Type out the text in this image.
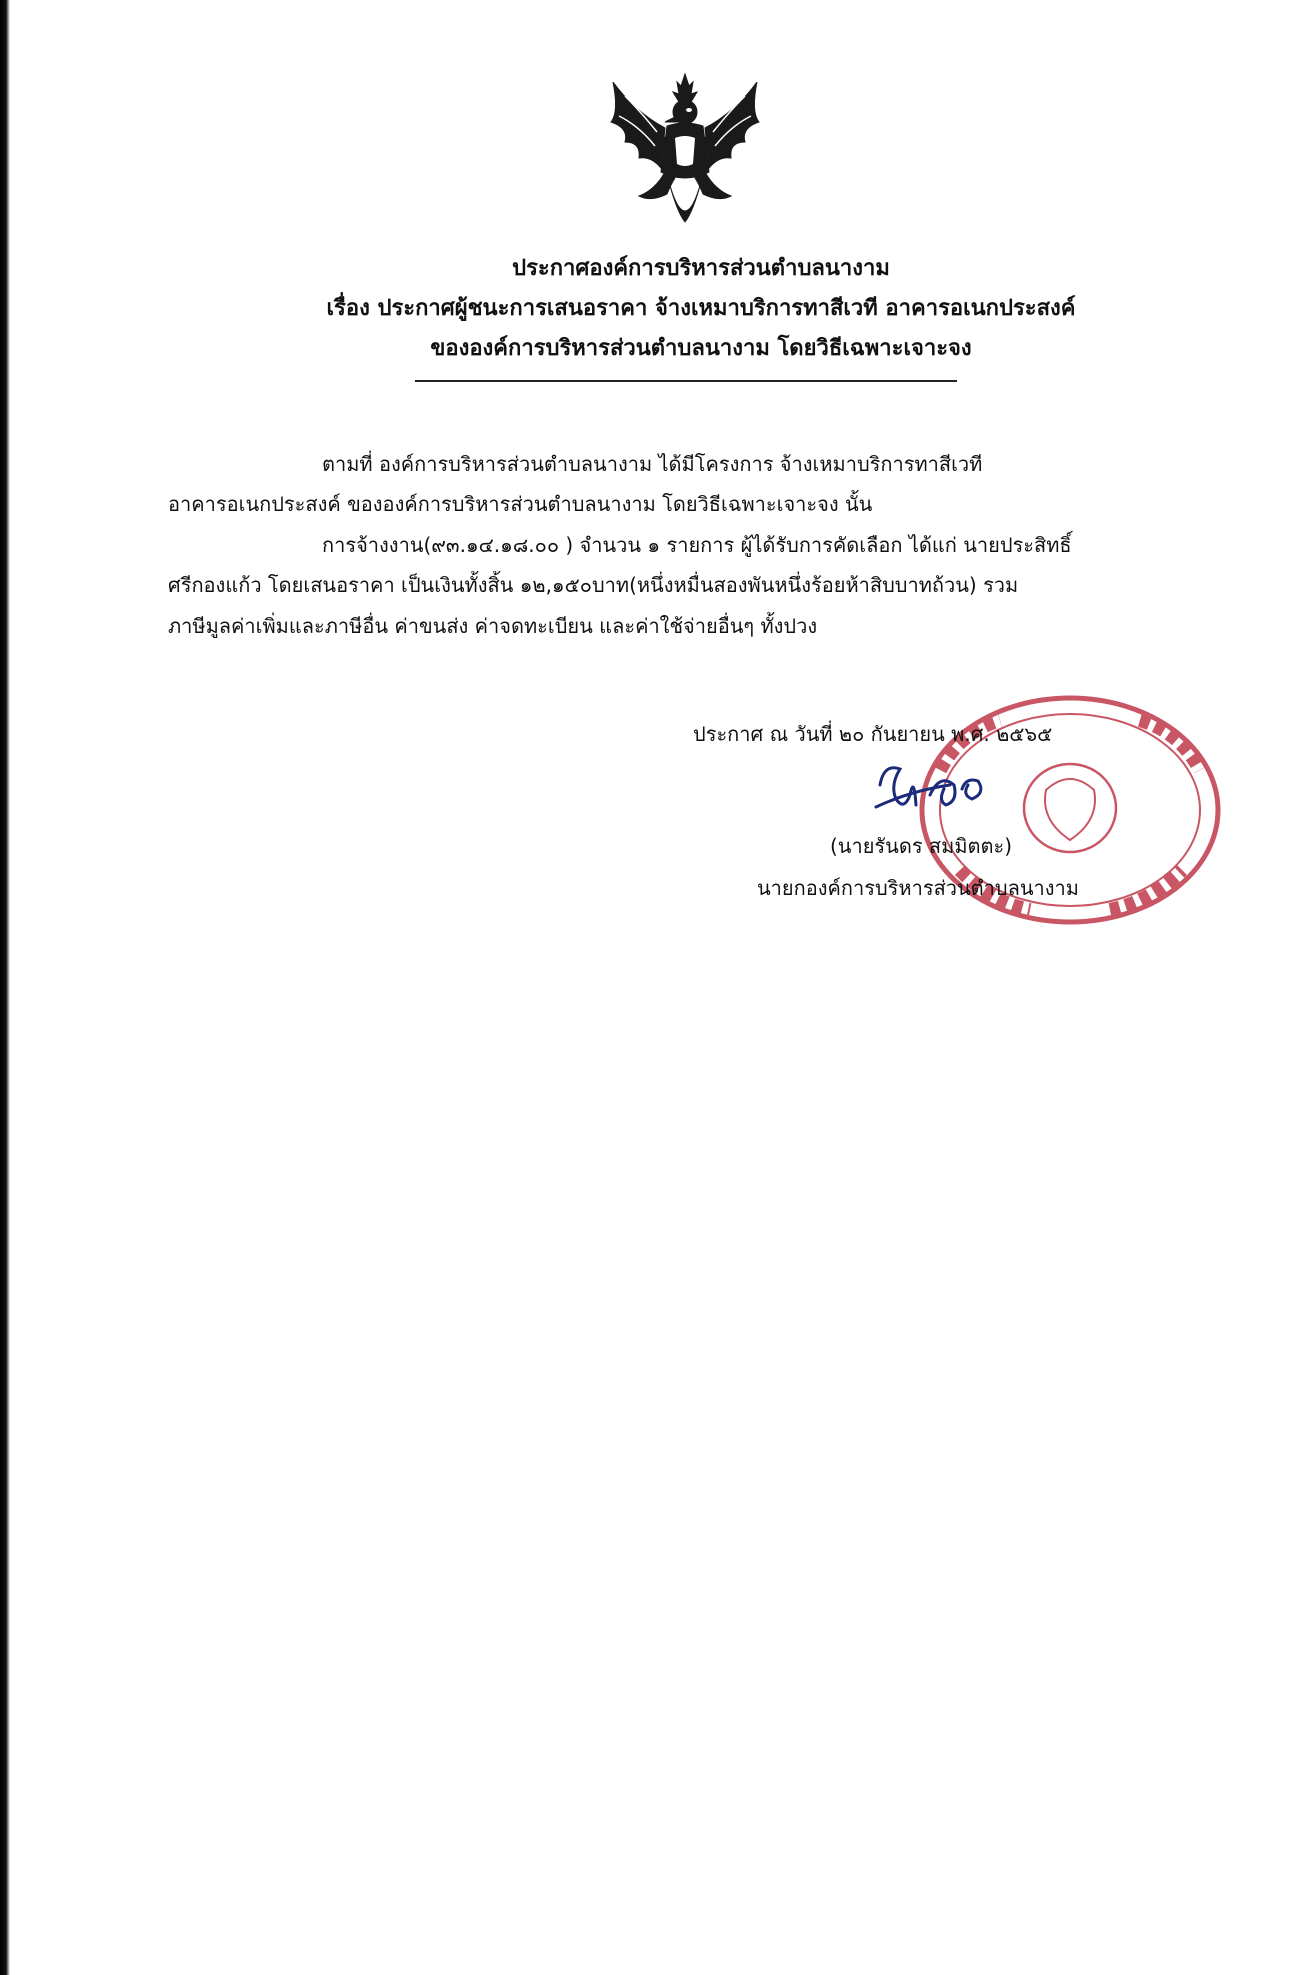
ประกาศองค์การบริหารส่วนตำบลนางาม
เรื่อง ประกาศผู้ชนะการเสนอราคา จ้างเหมาบริการทาสีเวที อาคารอเนกประสงค์
ขององค์การบริหารส่วนตำบลนางาม โดยวิธีเฉพาะเจาะจง
ตามที่ องค์การบริหารส่วนตำบลนางาม ได้มีโครงการ จ้างเหมาบริการทาสีเวที
อาคารอเนกประสงค์ ขององค์การบริหารส่วนตำบลนางาม โดยวิธีเฉพาะเจาะจง นั้น
การจ้างงาน(๙๓.๑๔.๑๘.๐๐ ) จำนวน ๑ รายการ ผู้ได้รับการคัดเลือก ได้แก่ นายประสิทธิ์
ศรีกองแก้ว โดยเสนอราคา เป็นเงินทั้งสิ้น ๑๒,๑๕๐บาท(หนึ่งหมื่นสองพันหนึ่งร้อยห้าสิบบาทถ้วน) รวม
ภาษีมูลค่าเพิ่มและภาษีอื่น ค่าขนส่ง ค่าจดทะเบียน และค่าใช้จ่ายอื่นๆ ทั้งปวง
ประกาศ ณ วันที่ ๒๐ กันยายน พ.ศ. ๒๕๖๕
(นายรันดร สมมิตตะ)
นายกองค์การบริหารส่วนตำบลนางาม
